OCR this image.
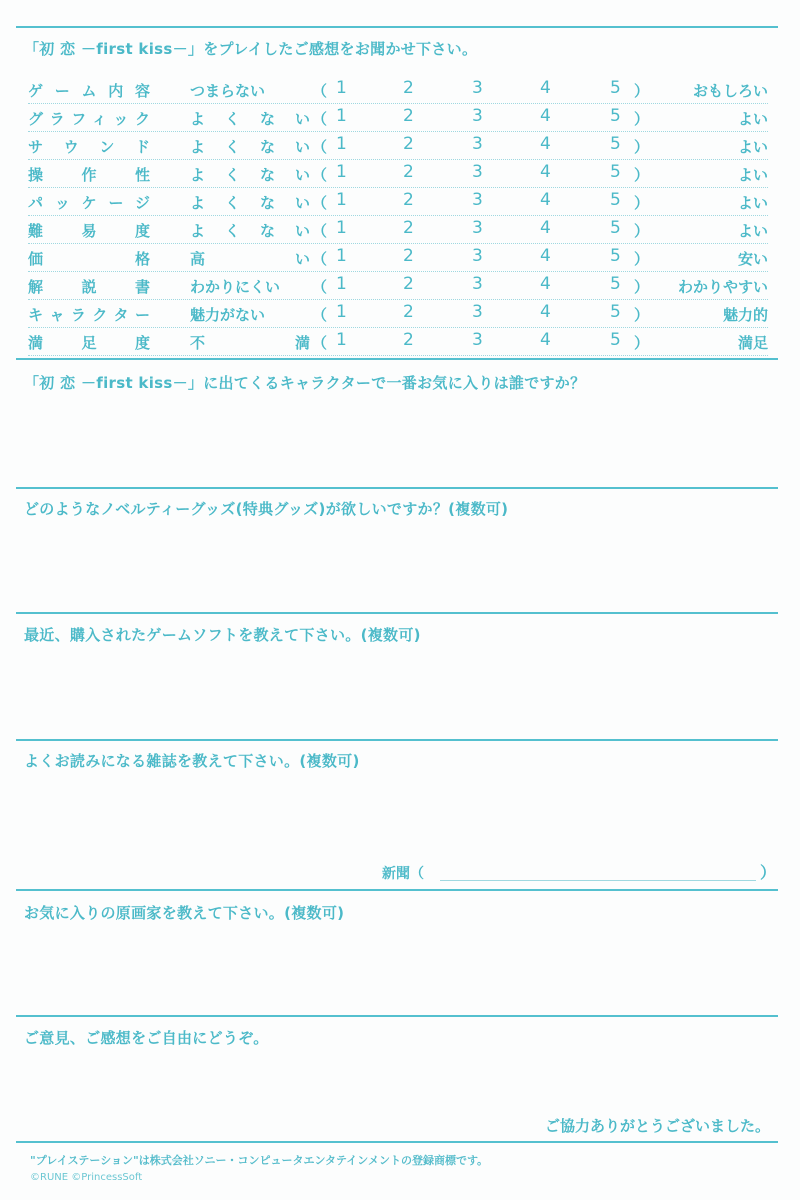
「初 恋 －first kiss－」をプレイしたご感想をお聞かせ下さい。
ゲーム内容	つまらない	（ 1	2	3	4	5 ）	おもしろい
グラフィック	よくない （ 1	2	3	4	5 ）	よい
サウンド	よくない （ 1	2	3	4	5 ）	よい
操作性	よくない （ 1	2	3	4	5 ）	よい
パッケージ	よくない （ 1	2	3	4	5 ）	よい
難易度	よくない （ 1	2	3	4	5 ）	よい
価格	高い （ 1	2	3	4	5 ）	安い
解説書	わかりにくい	（ 1	2	3	4	5 ） わかりやすい
キャラクター	魅力がない	（ 1	2	3	4	5 ）	魅力的
満足度	不満 （ 1	2	3	4	5 ）	満足
「初 恋 －first kiss－」に出てくるキャラクターで一番お気に入りは誰ですか？
どのようなノベルティーグッズ(特典グッズ)が欲しいですか？(複数可)
最近、購入されたゲームソフトを教えて下さい。(複数可)
よくお読みになる雑誌を教えて下さい。(複数可)
新聞（	）
お気に入りの原画家を教えて下さい。(複数可)
ご意見、ご感想をご自由にどうぞ。
ご協力ありがとうございました。
"プレイステーション"は株式会社ソニー・コンピュータエンタテインメントの登録商標です。
©RUNE ©PrincessSoft
